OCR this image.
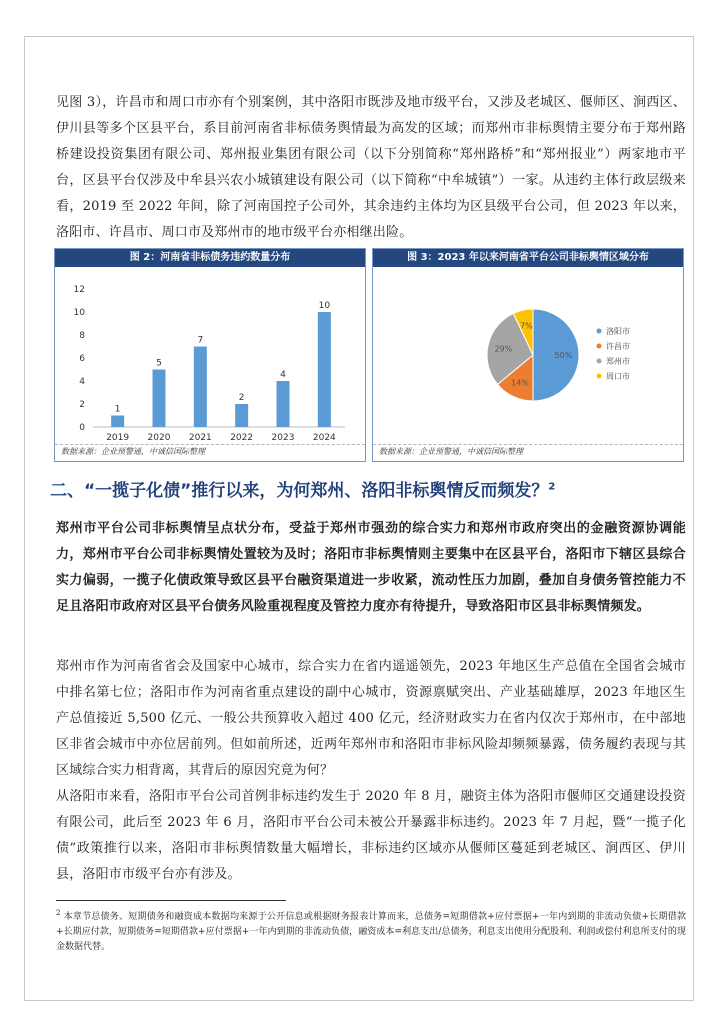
见图 3），许昌市和周口市亦有个别案例，其中洛阳市既涉及地市级平台，又涉及老城区、偃师区、涧西区、伊川县等多个区县平台，系目前河南省非标债务舆情最为高发的区域；而郑州市非标舆情主要分布于郑州路桥建设投资集团有限公司、郑州报业集团有限公司（以下分别简称“郑州路桥”和“郑州报业”）两家地市平台，区县平台仅涉及中牟县兴农小城镇建设有限公司（以下简称“中牟城镇”）一家。从违约主体行政层级来看，2019 至 2022 年间，除了河南国控子公司外，其余违约主体均为区县级平台公司，但 2023 年以来，洛阳市、许昌市、周口市及郑州市的地市级平台亦相继出险。
图 2：河南省非标债务违约数量分布
0
2
4
6
8
10
12
1
2019
5
2020
7
2021
2
2022
4
2023
10
2024
数据来源：企业预警通，中诚信国际整理
图 3：2023 年以来河南省平台公司非标舆情区域分布
50%
14%
29%
7%
洛阳市
许昌市
郑州市
周口市
数据来源：企业预警通，中诚信国际整理
二、“一揽子化债”推行以来，为何郑州、洛阳非标舆情反而频发？$^2$
郑州市平台公司非标舆情呈点状分布，受益于郑州市强劲的综合实力和郑州市政府突出的金融资源协调能力，郑州市平台公司非标舆情处置较为及时；洛阳市非标舆情则主要集中在区县平台，洛阳市下辖区县综合实力偏弱，一揽子化债政策导致区县平台融资渠道进一步收紧，流动性压力加剧，叠加自身债务管控能力不足且洛阳市政府对区县平台债务风险重视程度及管控力度亦有待提升，导致洛阳市区县非标舆情频发。
郑州市作为河南省省会及国家中心城市，综合实力在省内遥遥领先，2023 年地区生产总值在全国省会城市中排名第七位；洛阳市作为河南省重点建设的副中心城市，资源禀赋突出、产业基础雄厚，2023 年地区生产总值接近 5,500 亿元、一般公共预算收入超过 400 亿元，经济财政实力在省内仅次于郑州市，在中部地区非省会城市中亦位居前列。但如前所述，近两年郑州市和洛阳市非标风险却频频暴露，债务履约表现与其区域综合实力相背离，其背后的原因究竟为何？
从洛阳市来看，洛阳市平台公司首例非标违约发生于 2020 年 8 月，融资主体为洛阳市偃师区交通建设投资有限公司，此后至 2023 年 6 月，洛阳市平台公司未被公开暴露非标违约。2023 年 7 月起，暨“一揽子化债”政策推行以来，洛阳市非标舆情数量大幅增长，非标违约区域亦从偃师区蔓延到老城区、涧西区、伊川县，洛阳市市级平台亦有涉及。
$^2$ 本章节总债务、短期债务和融资成本数据均来源于公开信息或根据财务报表计算而来，总债务=短期借款+应付票据+一年内到期的非流动负债+长期借款+长期应付款，短期债务=短期借款+应付票据+一年内到期的非流动负债，融资成本=利息支出/总债务，利息支出使用分配股利、利润或偿付利息所支付的现金数据代替。
